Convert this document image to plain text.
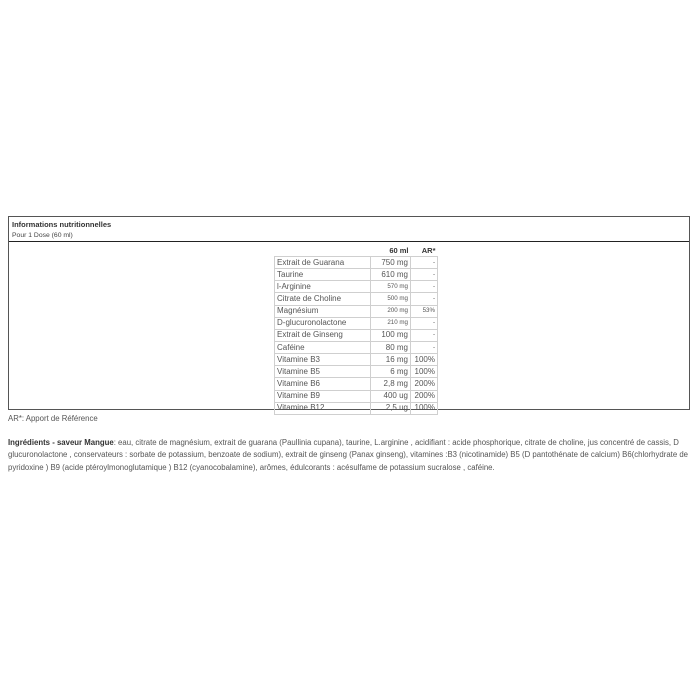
Informations nutritionnelles
Pour 1 Dose (60 ml)
	60 ml	AR*
Extrait de Guarana	750 mg	-
Taurine	610 mg	-
l-Arginine	570 mg	-
Citrate de Choline	500 mg	-
Magnésium	200 mg	53%
D-glucuronolactone	210 mg	-
Extrait de Ginseng	100 mg	-
Caféine	80 mg	-
Vitamine B3	16 mg	100%
Vitamine B5	6 mg	100%
Vitamine B6	2,8 mg	200%
Vitamine B9	400 ug	200%
Vitamine B12	2,5 ug	100%
AR*: Apport de Référence
Ingrédients - saveur Mangue: eau, citrate de magnésium, extrait de guarana (Paullinia cupana), taurine, L.arginine , acidifiant : acide phosphorique, citrate de choline, jus concentré de cassis, D glucuronolactone , conservateurs : sorbate de potassium, benzoate de sodium), extrait de ginseng (Panax ginseng), vitamines :B3 (nicotinamide) B5 (D pantothénate de calcium) B6(chlorhydrate de pyridoxine ) B9 (acide ptéroylmonoglutamique ) B12 (cyanocobalamine), arômes, édulcorants : acésulfame de potassium sucralose , caféine.
